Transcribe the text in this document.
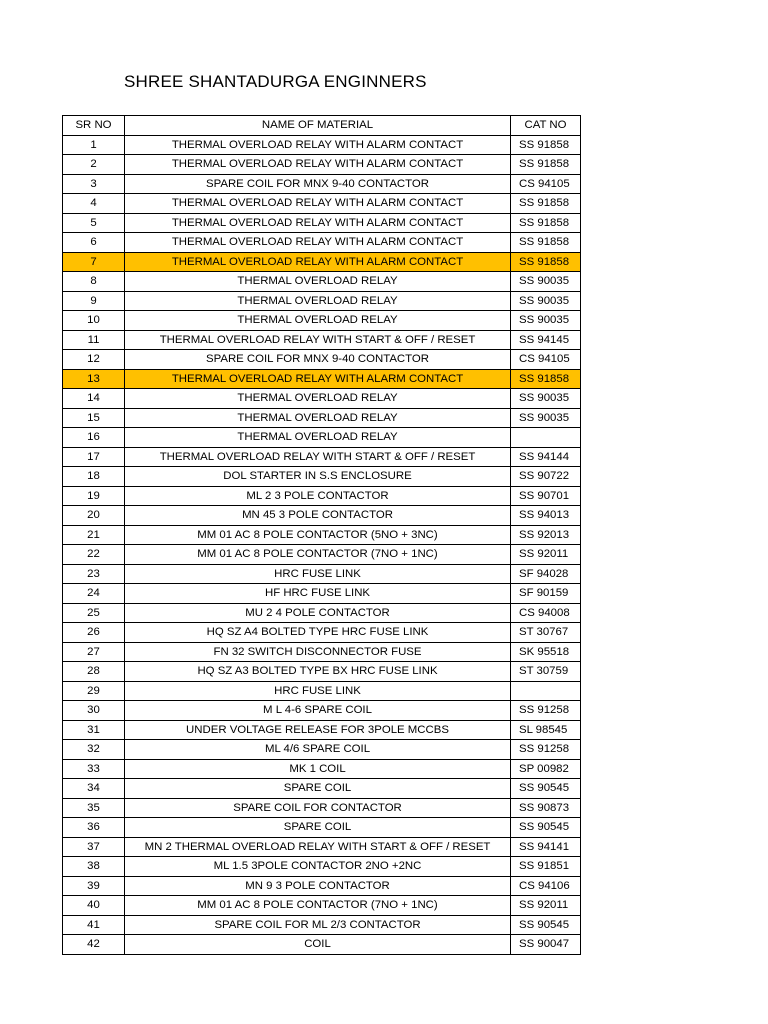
SHREE SHANTADURGA ENGINNERS
SR NO	NAME OF MATERIAL	CAT NO
1	THERMAL OVERLOAD RELAY WITH ALARM CONTACT	SS 91858
2	THERMAL OVERLOAD RELAY WITH ALARM CONTACT	SS 91858
3	SPARE COIL FOR MNX 9-40 CONTACTOR	CS 94105
4	THERMAL OVERLOAD RELAY WITH ALARM CONTACT	SS 91858
5	THERMAL OVERLOAD RELAY WITH ALARM CONTACT	SS 91858
6	THERMAL OVERLOAD RELAY WITH ALARM CONTACT	SS 91858
7	THERMAL OVERLOAD RELAY WITH ALARM CONTACT	SS 91858
8	THERMAL OVERLOAD RELAY	SS 90035
9	THERMAL OVERLOAD RELAY	SS 90035
10	THERMAL OVERLOAD RELAY	SS 90035
11	THERMAL OVERLOAD RELAY WITH START & OFF / RESET	SS 94145
12	SPARE COIL FOR MNX 9-40 CONTACTOR	CS 94105
13	THERMAL OVERLOAD RELAY WITH ALARM CONTACT	SS 91858
14	THERMAL OVERLOAD RELAY	SS 90035
15	THERMAL OVERLOAD RELAY	SS 90035
16	THERMAL OVERLOAD RELAY	
17	THERMAL OVERLOAD RELAY WITH START & OFF / RESET	SS 94144
18	DOL STARTER IN S.S ENCLOSURE	SS 90722
19	ML 2 3 POLE CONTACTOR	SS 90701
20	MN 45 3 POLE CONTACTOR	SS 94013
21	MM 01 AC 8 POLE CONTACTOR (5NO + 3NC)	SS 92013
22	MM 01 AC 8 POLE CONTACTOR (7NO + 1NC)	SS 92011
23	HRC FUSE LINK	SF 94028
24	HF HRC FUSE LINK	SF 90159
25	MU 2 4 POLE CONTACTOR	CS 94008
26	HQ SZ A4 BOLTED TYPE HRC FUSE LINK	ST 30767
27	FN 32 SWITCH DISCONNECTOR FUSE	SK 95518
28	HQ SZ A3 BOLTED TYPE BX HRC FUSE LINK	ST 30759
29	HRC FUSE LINK	
30	M L 4-6 SPARE COIL	SS 91258
31	UNDER VOLTAGE RELEASE FOR 3POLE MCCBS	SL 98545
32	ML 4/6 SPARE COIL	SS 91258
33	MK 1 COIL	SP 00982
34	SPARE COIL	SS 90545
35	SPARE COIL FOR CONTACTOR	SS 90873
36	SPARE COIL	SS 90545
37	MN 2 THERMAL OVERLOAD RELAY WITH START & OFF / RESET	SS 94141
38	ML 1.5 3POLE CONTACTOR 2NO +2NC	SS 91851
39	MN 9 3 POLE CONTACTOR	CS 94106
40	MM 01 AC 8 POLE CONTACTOR (7NO + 1NC)	SS 92011
41	SPARE COIL FOR ML 2/3 CONTACTOR	SS 90545
42	COIL	SS 90047
